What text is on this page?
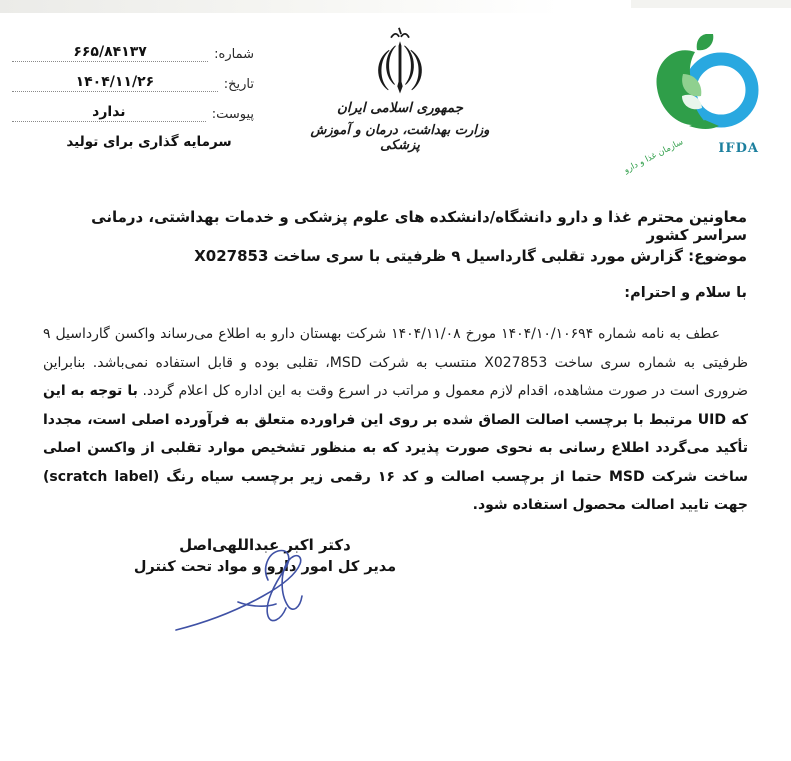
شماره:
۶۶۵/۸۴۱۳۷
تاریخ:
۱۴۰۴/۱۱/۲۶
پیوست:
ندارد
سرمایه گذاری برای تولید
جمهوری اسلامی ایران
وزارت بهداشت، درمان و آموزش پزشکی	IFDA
سازمان غذا و دارو
معاونین محترم غذا و دارو دانشگاه/دانشکده های علوم پزشکی و خدمات بهداشتی، درمانی سراسر کشور
موضوع: گزارش مورد تقلبی گارداسیل ۹ ظرفیتی با سری ساخت X027853
با سلام و احترام:
عطف به نامه شماره ۱۴۰۴/۱۰/۱۰۶۹۴ مورخ ۱۴۰۴/۱۱/۰۸ شرکت بهستان دارو به اطلاع می‌رساند واکسن گارداسیل ۹ ظرفیتی به شماره سری ساخت X027853 منتسب به شرکت MSD، تقلبی بوده و قابل استفاده نمی‌باشد. بنابراین ضروری است در صورت مشاهده، اقدام لازم معمول و مراتب در اسرع وقت به این اداره کل اعلام گردد. با توجه به این که UID مرتبط با برچسب اصالت الصاق شده بر روی این فراورده متعلق به فرآورده اصلی است، مجددا تأکید می‌گردد اطلاع رسانی به نحوی صورت پذیرد که به منظور تشخیص موارد تقلبی از واکسن اصلی ساخت شرکت MSD حتما از برچسب اصالت و کد ۱۶ رقمی زیر برچسب سیاه رنگ (scratch label) جهت تایید اصالت محصول استفاده شود.
دکتر اکبر عبداللهی‌اصل
مدیر کل امور دارو و مواد تحت کنترل
